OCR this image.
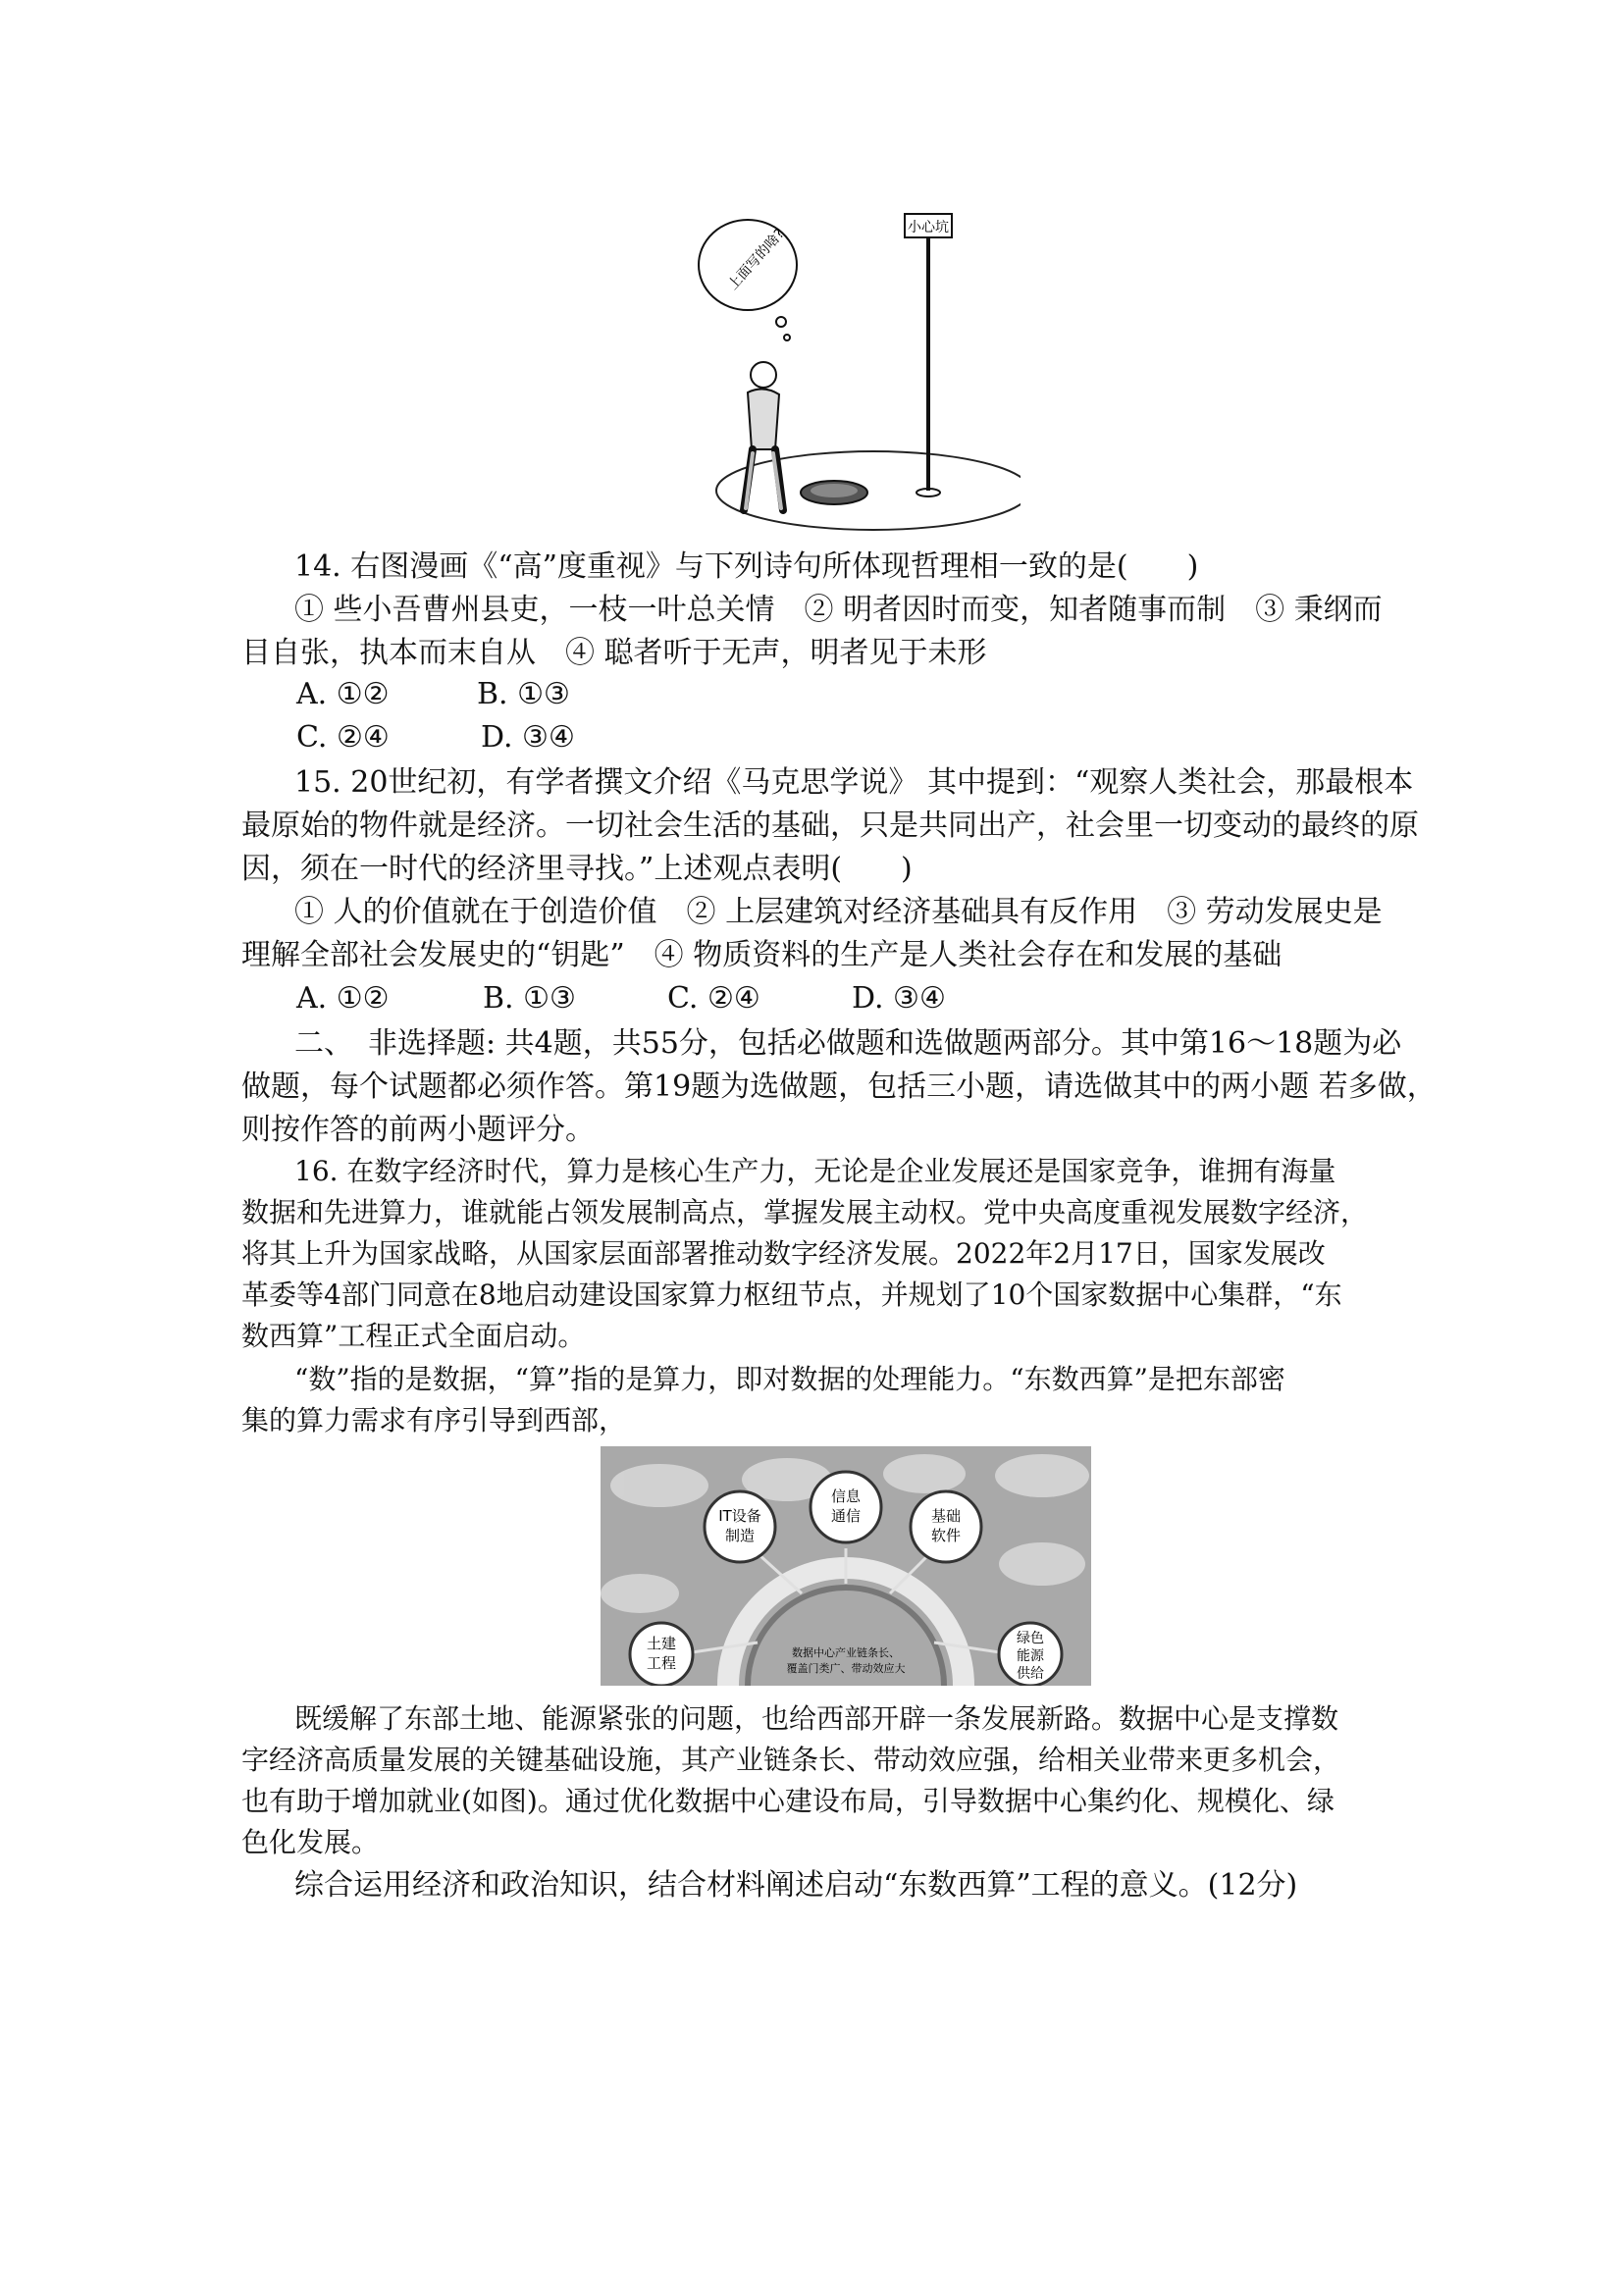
小心坑
上面写的啥?
14. 右图漫画《“高”度重视》与下列诗句所体现哲理相一致的是(　　)
① 些小吾曹州县吏，一枝一叶总关情　② 明者因时而变，知者随事而制　③ 秉纲而
目自张，执本而末自从　④ 聪者听于无声，明者见于未形
A. ①②	B. ①③
C. ②④	D. ③④
15. 20世纪初，有学者撰文介绍《马克思学说》 其中提到：“观察人类社会，那最根本
最原始的物件就是经济。一切社会生活的基础，只是共同出产，社会里一切变动的最终的原
因，须在一时代的经济里寻找。”上述观点表明(　　)
① 人的价值就在于创造价值　② 上层建筑对经济基础具有反作用　③ 劳动发展史是
理解全部社会发展史的“钥匙”　④ 物质资料的生产是人类社会存在和发展的基础
A. ①②	B. ①③	C. ②④	D. ③④
二、　非选择题: 共4题，共55分，包括必做题和选做题两部分。其中第16～18题为必
做题，每个试题都必须作答。第19题为选做题，包括三小题，请选做其中的两小题 若多做，
则按作答的前两小题评分。
16. 在数字经济时代，算力是核心生产力，无论是企业发展还是国家竞争，谁拥有海量
数据和先进算力，谁就能占领发展制高点，掌握发展主动权。党中央高度重视发展数字经济，
将其上升为国家战略，从国家层面部署推动数字经济发展。2022年2月17日，国家发展改
革委等4部门同意在8地启动建设国家算力枢纽节点，并规划了10个国家数据中心集群，“东
数西算”工程正式全面启动。
“数”指的是数据，“算”指的是算力，即对数据的处理能力。“东数西算”是把东部密
集的算力需求有序引导到西部，
IT设备
制造
信息
通信	基础
软件
土建
工程
绿色
能源
供给
数据中心产业链条长、
覆盖门类广、带动效应大
既缓解了东部土地、能源紧张的问题，也给西部开辟一条发展新路。数据中心是支撑数
字经济高质量发展的关键基础设施，其产业链条长、带动效应强，给相关业带来更多机会，
也有助于增加就业(如图)。通过优化数据中心建设布局，引导数据中心集约化、规模化、绿
色化发展。
综合运用经济和政治知识，结合材料阐述启动“东数西算”工程的意义。(12分)
